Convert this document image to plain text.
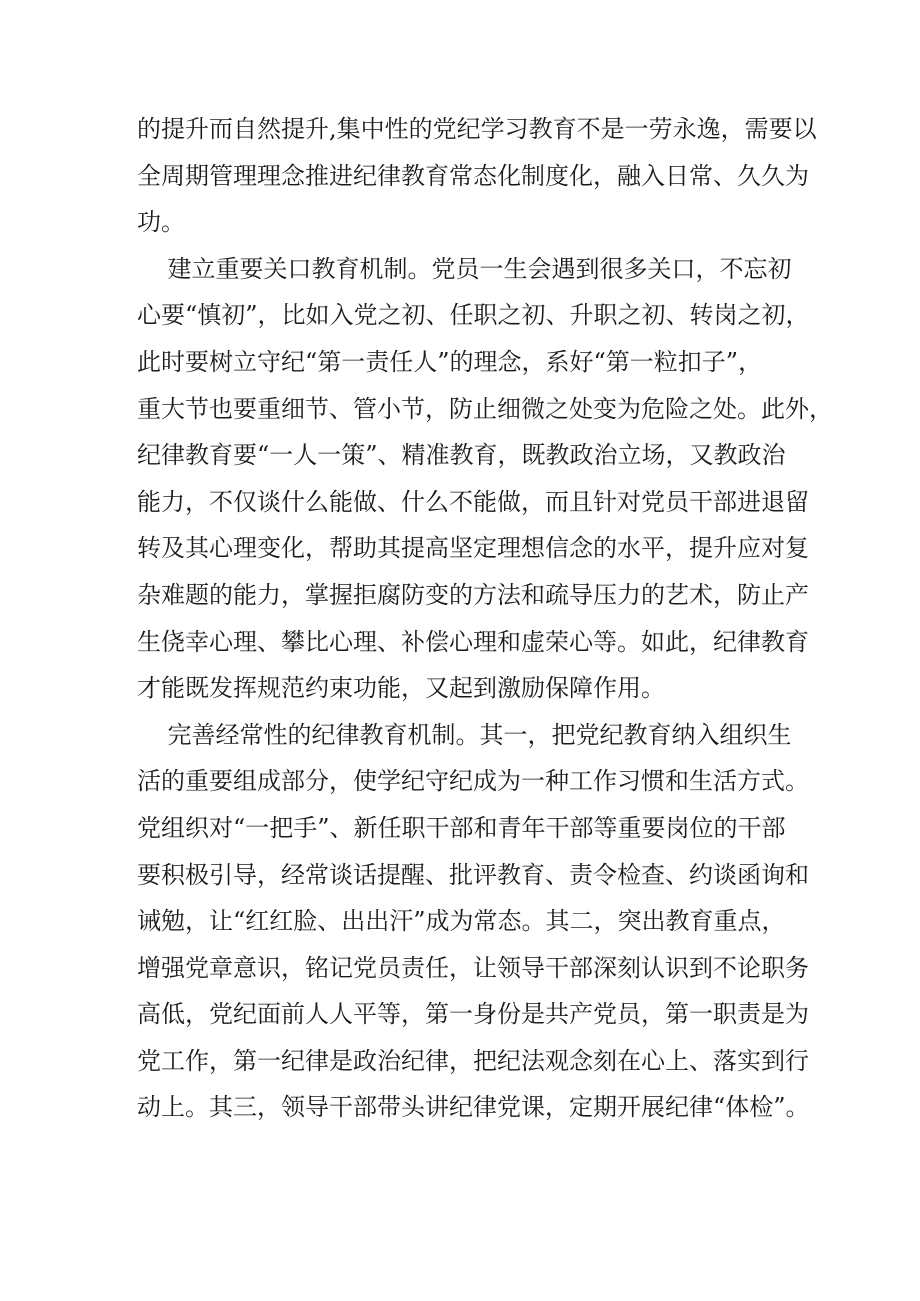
的提升而自然提升,集中性的党纪学习教育不是一劳永逸，需要以
全周期管理理念推进纪律教育常态化制度化，融入日常、久久为
功。
建立重要关口教育机制。党员一生会遇到很多关口，不忘初
心要“慎初”，比如入党之初、任职之初、升职之初、转岗之初，
此时要树立守纪“第一责任人”的理念，系好“第一粒扣子”，
重大节也要重细节、管小节，防止细微之处变为危险之处。此外，
纪律教育要“一人一策”、精准教育，既教政治立场，又教政治
能力，不仅谈什么能做、什么不能做，而且针对党员干部进退留
转及其心理变化，帮助其提高坚定理想信念的水平，提升应对复
杂难题的能力，掌握拒腐防变的方法和疏导压力的艺术，防止产
生侥幸心理、攀比心理、补偿心理和虚荣心等。如此，纪律教育
才能既发挥规范约束功能，又起到激励保障作用。
完善经常性的纪律教育机制。其一，把党纪教育纳入组织生
活的重要组成部分，使学纪守纪成为一种工作习惯和生活方式。
党组织对“一把手”、新任职干部和青年干部等重要岗位的干部
要积极引导，经常谈话提醒、批评教育、责令检查、约谈函询和
诫勉，让“红红脸、出出汗”成为常态。其二，突出教育重点，
增强党章意识，铭记党员责任，让领导干部深刻认识到不论职务
高低，党纪面前人人平等，第一身份是共产党员，第一职责是为
党工作，第一纪律是政治纪律，把纪法观念刻在心上、落实到行
动上。其三，领导干部带头讲纪律党课，定期开展纪律“体检”。
